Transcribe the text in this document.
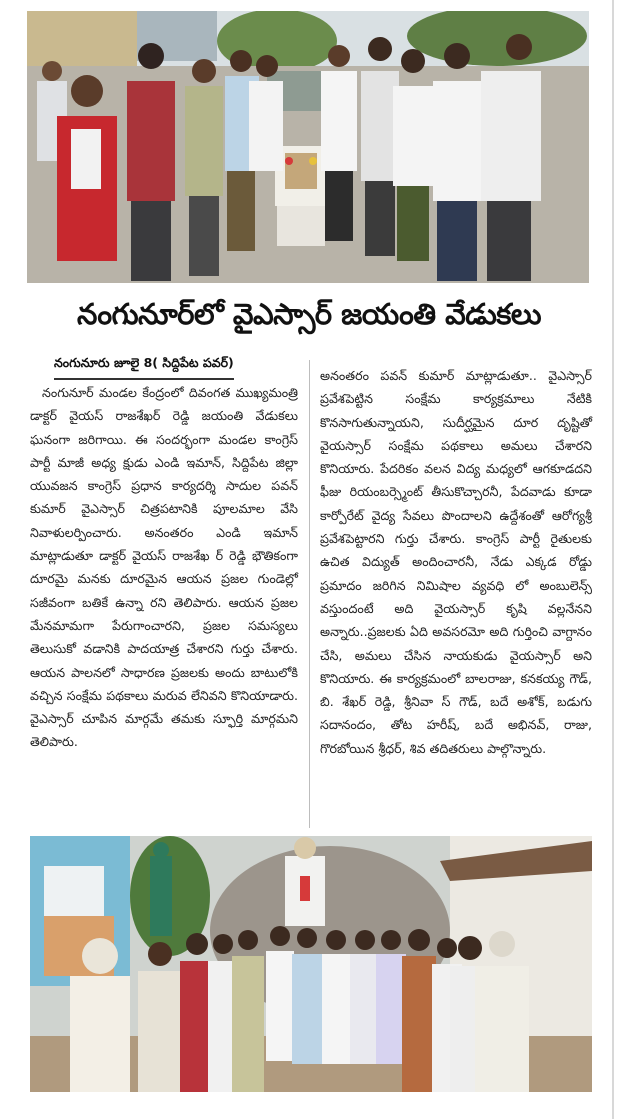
నంగునూర్‌లో వైఎస్సార్ జయంతి వేడుకలు
నంగునూరు జూలై 8( సిద్దిపేట పవర్)

నంగునూర్ మండల కేంద్రంలో దివంగత ముఖ్యమంత్రి డాక్టర్ వైయస్ రాజశేఖర్ రెడ్డి జయంతి వేడుకలు ఘనంగా జరిగాయి. ఈ సందర్భంగా మండల కాంగ్రెస్ పార్టీ మాజీ అధ్య క్షుడు ఎండి ఇమాన్, సిద్దిపేట జిల్లా యువజన కాంగ్రెస్ ప్రధాన కార్యదర్శి సాదుల పవన్ కుమార్ వైఎస్సార్ చిత్రపటానికి పూలమాల వేసి నివాళులర్పించారు. అనంతరం ఎండి ఇమాన్ మాట్లాడుతూ డాక్టర్ వైయస్ రాజశేఖ ర్ రెడ్డి భౌతికంగా దూరమై మనకు దూరమైన ఆయన ప్రజల గుండెల్లో సజీవంగా బతికే ఉన్నా రని తెలిపారు. ఆయన ప్రజల మేనమామగా పేరుగాంచారని, ప్రజల సమస్యలు తెలుసుకో వడానికి పాదయాత్ర చేశారని గుర్తు చేశారు. ఆయన పాలనలో సాధారణ ప్రజలకు అందు బాటులోకి వచ్చిన సంక్షేమ పథకాలు మరువ లేనివని కొనియాడారు. వైఎస్సార్ చూపిన మార్గమే తమకు స్ఫూర్తి మార్గమని తెలిపారు.

అనంతరం పవన్ కుమార్ మాట్లాడుతూ.. వైఎస్సార్ ప్రవేశపెట్టిన సంక్షేమ కార్యక్రమాలు నేటికి కొనసాగుతున్నాయని, సుదీర్ఘమైన దూర దృష్టితో వైయస్సార్ సంక్షేమ పథకాలు అమలు చేశారని కొనియారు. పేదరికం వలన విద్య మధ్యలో ఆగకూడదని ఫీజు రియంబర్స్మెంట్ తీసుకొచ్చారనీ, పేదవాడు కూడా కార్పోరేట్ వైద్య సేవలు పొందాలని ఉద్దేశంతో ఆరోగ్యశ్రీ ప్రవేశపెట్టారని గుర్తు చేశారు. కాంగ్రెస్ పార్టీ రైతులకు ఉచిత విద్యుత్ అందించారనీ, నేడు ఎక్కడ రోడ్డు ప్రమాదం జరిగిన నిమిషాల వ్యవధి లో అంబులెన్స్ వస్తుందంటే అది వైయస్సార్ కృషి వల్లనేనని అన్నారు..ప్రజలకు ఏది అవసరమో అది గుర్తించి వాగ్దానం చేసి, అమలు చేసిన నాయకుడు వైయస్సార్ అని కొనియారు. ఈ కార్యక్రమంలో బాలరాజు, కనకయ్య గౌడ్, బి. శేఖర్ రెడ్డి, శ్రీనివా స్ గౌడ్, బదే అశోక్, బడుగు సదానందం, తోట హరీష్, బదే అభినవ్, రాజు, గొరబోయిన శ్రీధర్, శివ తదితరులు పాల్గొన్నారు.
